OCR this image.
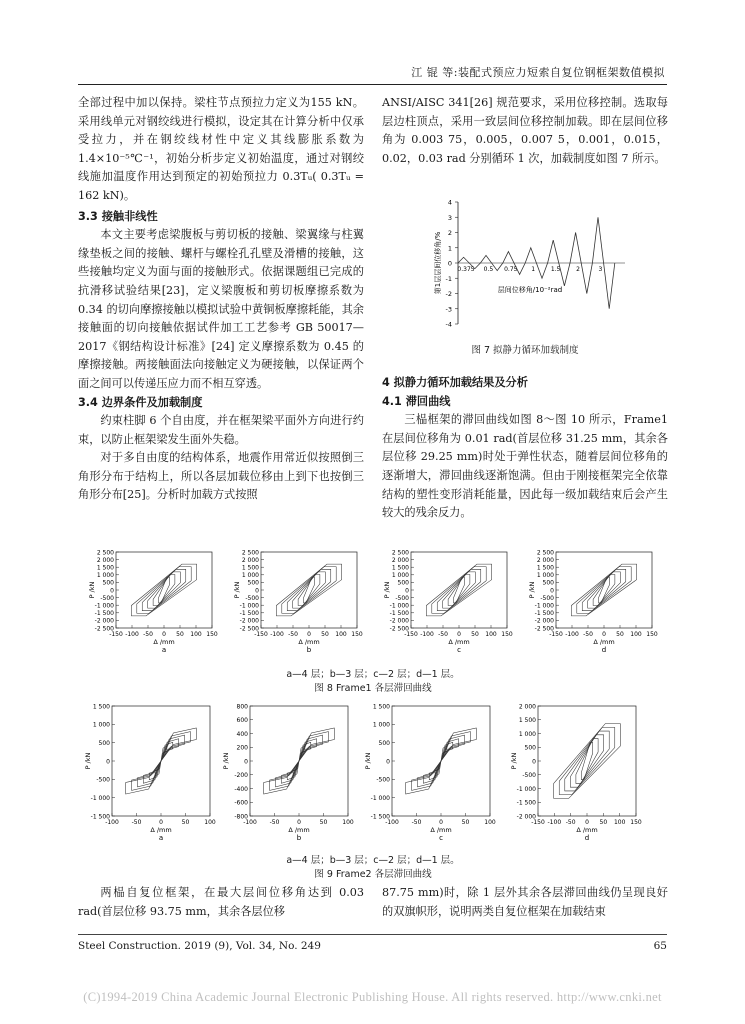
江 锟 等:装配式预应力短索自复位钢框架数值模拟

全部过程中加以保持。梁柱节点预拉力定义为155 kN。采用线单元对钢绞线进行模拟，设定其在计算分析中仅承受拉力，并在钢绞线材性中定义其线膨胀系数为 1.4×10⁻⁵℃⁻¹，初始分析步定义初始温度，通过对钢绞线施加温度作用达到预定的初始预拉力 0.3Tᵤ( 0.3Tᵤ = 162 kN)。

3.3 接触非线性

本文主要考虑梁腹板与剪切板的接触、梁翼缘与柱翼缘垫板之间的接触、螺杆与螺栓孔孔壁及滑槽的接触，这些接触均定义为面与面的接触形式。依据课题组已完成的抗滑移试验结果[23]，定义梁腹板和剪切板摩擦系数为 0.34 的切向摩擦接触以模拟试验中黄铜板摩擦耗能，其余接触面的切向接触依据试件加工工艺参考 GB 50017—2017《钢结构设计标准》[24] 定义摩擦系数为 0.45 的摩擦接触。两接触面法向接触定义为硬接触，以保证两个面之间可以传递压应力而不相互穿透。

3.4 边界条件及加载制度

约束柱脚 6 个自由度，并在框架梁平面外方向进行约束，以防止框架梁发生面外失稳。

对于多自由度的结构体系，地震作用常近似按照倒三角形分布于结构上，所以各层加载位移由上到下也按倒三角形分布[25]。分析时加载方式按照

ANSI/AISC 341[26] 规范要求，采用位移控制。选取每层边柱顶点，采用一致层间位移控制加载。即在层间位移角为 0.003 75，0.005，0.007 5，0.001，0.015，0.02，0.03 rad 分别循环 1 次，加载制度如图 7 所示。

4
3
2
1
0
-1
-2
-3
-4
0.375 0.5 0.75 1	1.5	2	3
第1层层间位移角/%	层间位移角/10⁻²rad
图 7 拟静力循环加载制度

4 拟静力循环加载结果及分析

4.1 滞回曲线

三榀框架的滞回曲线如图 8～图 10 所示，Frame1 在层间位移角为 0.01 rad(首层位移 31.25 mm，其余各层位移 29.25 mm)时处于弹性状态，随着层间位移角的逐渐增大，滞回曲线逐渐饱满。但由于刚接框架完全依靠结构的塑性变形消耗能量，因此每一级加载结束后会产生较大的残余反力。

2 500
2 000
1 500
1 000
500
0
-500
-1 000
-1 500
-2 000
-2 500
-150 -100 -50 0 50 100 150
P /kN
Δ /mm
a
2 500
2 000
1 500
1 000
500
0
-500
-1 000
-1 500
-2 000
-2 500
-150 -100 -50 0 50 100 150
P /kN
Δ /mm
b
2 500
2 000
1 500
1 000
500
0
-500
-1 000
-1 500
-2 000
-2 500
-150 -100 -50 0 50 100 150
P /kN
Δ /mm
c
2 500
2 000
1 500
1 000
500
0
-500
-1 000
-1 500
-2 000
-2 500
-150 -100 -50 0 50 100 150
P /kN
Δ /mm
d
a—4 层；b—3 层；c—2 层；d—1 层。
图 8 Frame1 各层滞回曲线
1 500
1 000
500
0
-500
-1 000
-1 500
-100 -50	0	50 100
P /kN
Δ /mm
a
800
600
400
200
0
-200
-400
-600
-800
-100 -50	0	50 100
P /kN
Δ /mm
b
1 500
1 000
500
0
-500
-1 000
-1 500
-100 -50	0	50 100
P /kN
Δ /mm
c
2 000
1 500
1 000
500
0
-500
-1 000
-1 500
-2 000
-150 -100 -50 0 50 100 150
P /kN
Δ /mm
d
a—4 层；b—3 层；c—2 层；d—1 层。
图 9 Frame2 各层滞回曲线

两榀自复位框架，在最大层间位移角达到 0.03 rad(首层位移 93.75 mm，其余各层位移

87.75 mm)时，除 1 层外其余各层滞回曲线仍呈现良好的双旗帜形，说明两类自复位框架在加载结束

Steel Construction. 2019 (9), Vol. 34, No. 249	65
(C)1994-2019 China Academic Journal Electronic Publishing House. All rights reserved. http://www.cnki.net
